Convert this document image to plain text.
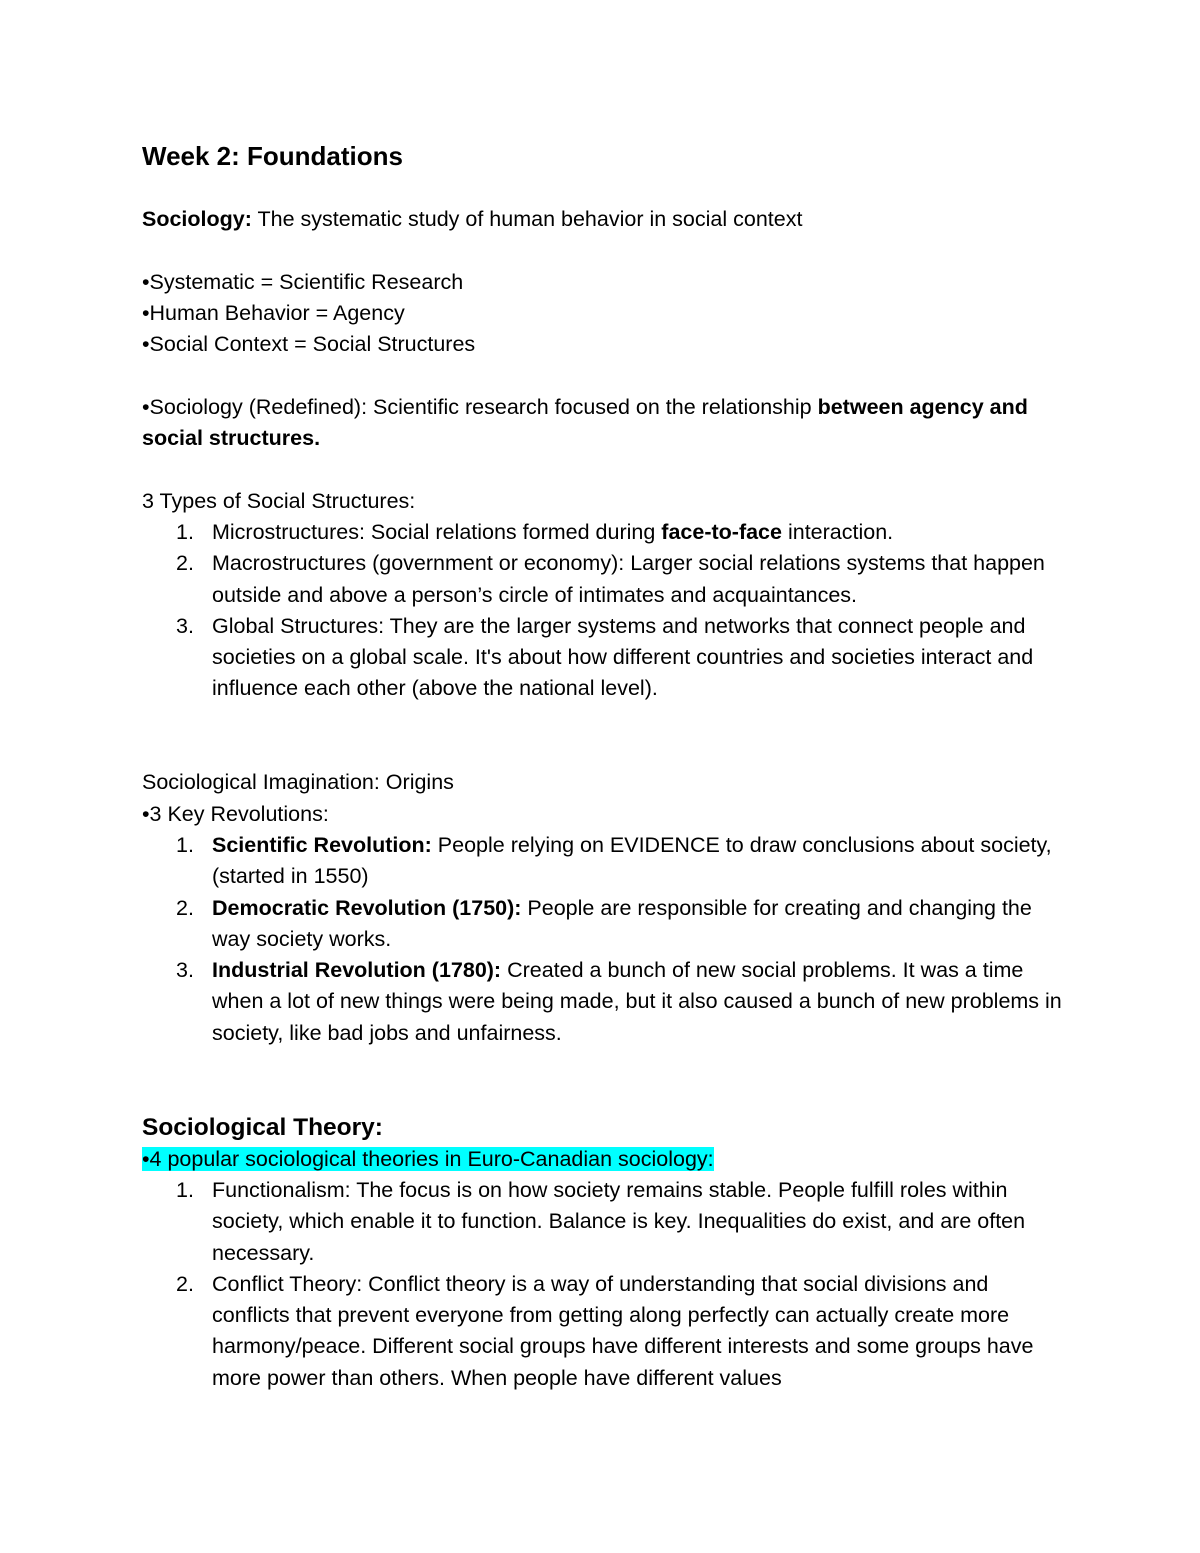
Week 2: Foundations

Sociology: The systematic study of human behavior in social context

•Systematic = Scientific Research

•Human Behavior = Agency

•Social Context = Social Structures

•Sociology (Redefined): Scientific research focused on the relationship between agency and social structures.

3 Types of Social Structures:

1. Microstructures: Social relations formed during face-to-face interaction.
2. Macrostructures (government or economy): Larger social relations systems that happen outside and above a person’s circle of intimates and acquaintances.
3. Global Structures: They are the larger systems and networks that connect people and societies on a global scale. It's about how different countries and societies interact and influence each other (above the national level).

Sociological Imagination: Origins

•3 Key Revolutions:

1. Scientific Revolution: People relying on EVIDENCE to draw conclusions about society, (started in 1550)
2. Democratic Revolution (1750): People are responsible for creating and changing the way society works.
3. Industrial Revolution (1780): Created a bunch of new social problems. It was a time when a lot of new things were being made, but it also caused a bunch of new problems in society, like bad jobs and unfairness.

Sociological Theory:

•4 popular sociological theories in Euro-Canadian sociology:

1. Functionalism: The focus is on how society remains stable. People fulfill roles within society, which enable it to function. Balance is key. Inequalities do exist, and are often necessary.
2. Conflict Theory: Conflict theory is a way of understanding that social divisions and conflicts that prevent everyone from getting along perfectly can actually create more harmony/peace. Different social groups have different interests and some groups have more power than others. When people have different values
